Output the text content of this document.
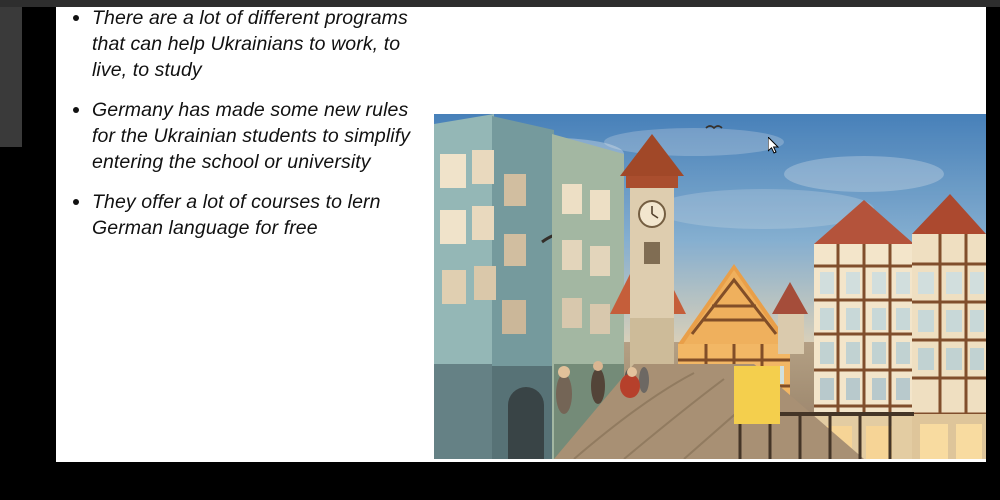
There are a lot of different programs that can help Ukrainians to work, to live, to study
Germany has made some new rules for the Ukrainian students to simplify entering the school or university
They offer a lot of courses to lern German language for free
